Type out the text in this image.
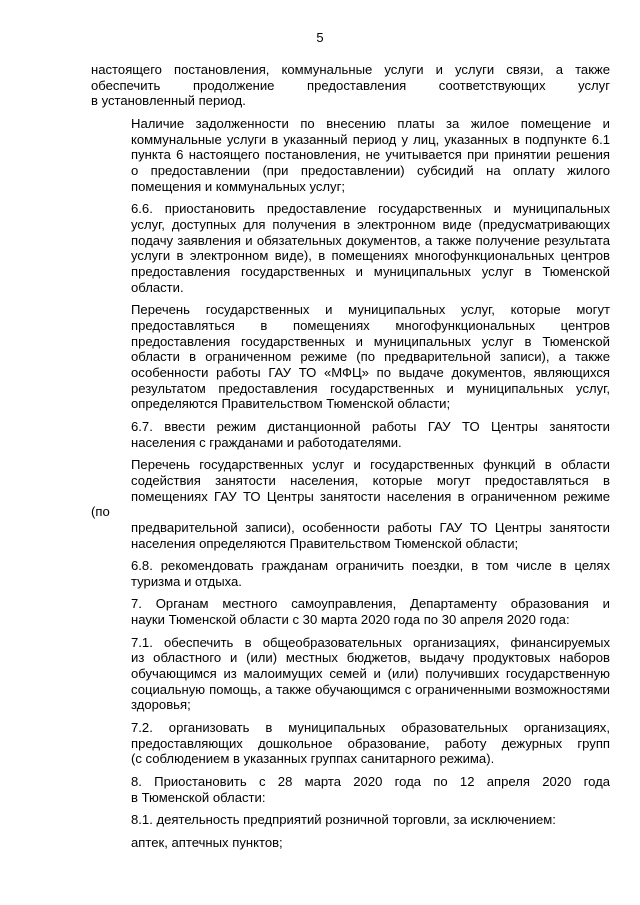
5

настоящего постановления, коммунальные услуги и услуги связи, а также
обеспечить продолжение предоставления соответствующих услуг
в установленный период.

Наличие задолженности по внесению платы за жилое помещение и
коммунальные услуги в указанный период у лиц, указанных в подпункте 6.1
пункта 6 настоящего постановления, не учитывается при принятии решения
о предоставлении (при предоставлении) субсидий на оплату жилого
помещения и коммунальных услуг;

6.6. приостановить предоставление государственных и муниципальных
услуг, доступных для получения в электронном виде (предусматривающих
подачу заявления и обязательных документов, а также получение результата
услуги в электронном виде), в помещениях многофункциональных центров
предоставления государственных и муниципальных услуг в Тюменской
области.

Перечень государственных и муниципальных услуг, которые могут
предоставляться в помещениях многофункциональных центров
предоставления государственных и муниципальных услуг в Тюменской
области в ограниченном режиме (по предварительной записи), а также
особенности работы ГАУ ТО «МФЦ» по выдаче документов, являющихся
результатом предоставления государственных и муниципальных услуг,
определяются Правительством Тюменской области;

6.7. ввести режим дистанционной работы ГАУ ТО Центры занятости
населения с гражданами и работодателями.

Перечень государственных услуг и государственных функций в области
содействия занятости населения, которые могут предоставляться в
помещениях ГАУ ТО Центры занятости населения в ограниченном режиме (по
предварительной записи), особенности работы ГАУ ТО Центры занятости
населения определяются Правительством Тюменской области;

6.8. рекомендовать гражданам ограничить поездки, в том числе в целях
туризма и отдыха.

7. Органам местного самоуправления, Департаменту образования и
науки Тюменской области с 30 марта 2020 года по 30 апреля 2020 года:

7.1. обеспечить в общеобразовательных организациях, финансируемых
из областного и (или) местных бюджетов, выдачу продуктовых наборов
обучающимся из малоимущих семей и (или) получивших государственную
социальную помощь, а также обучающимся с ограниченными возможностями
здоровья;

7.2. организовать в муниципальных образовательных организациях,
предоставляющих дошкольное образование, работу дежурных групп
(с соблюдением в указанных группах санитарного режима).

8. Приостановить с 28 марта 2020 года по 12 апреля 2020 года
в Тюменской области:

8.1. деятельность предприятий розничной торговли, за исключением:

аптек, аптечных пунктов;
